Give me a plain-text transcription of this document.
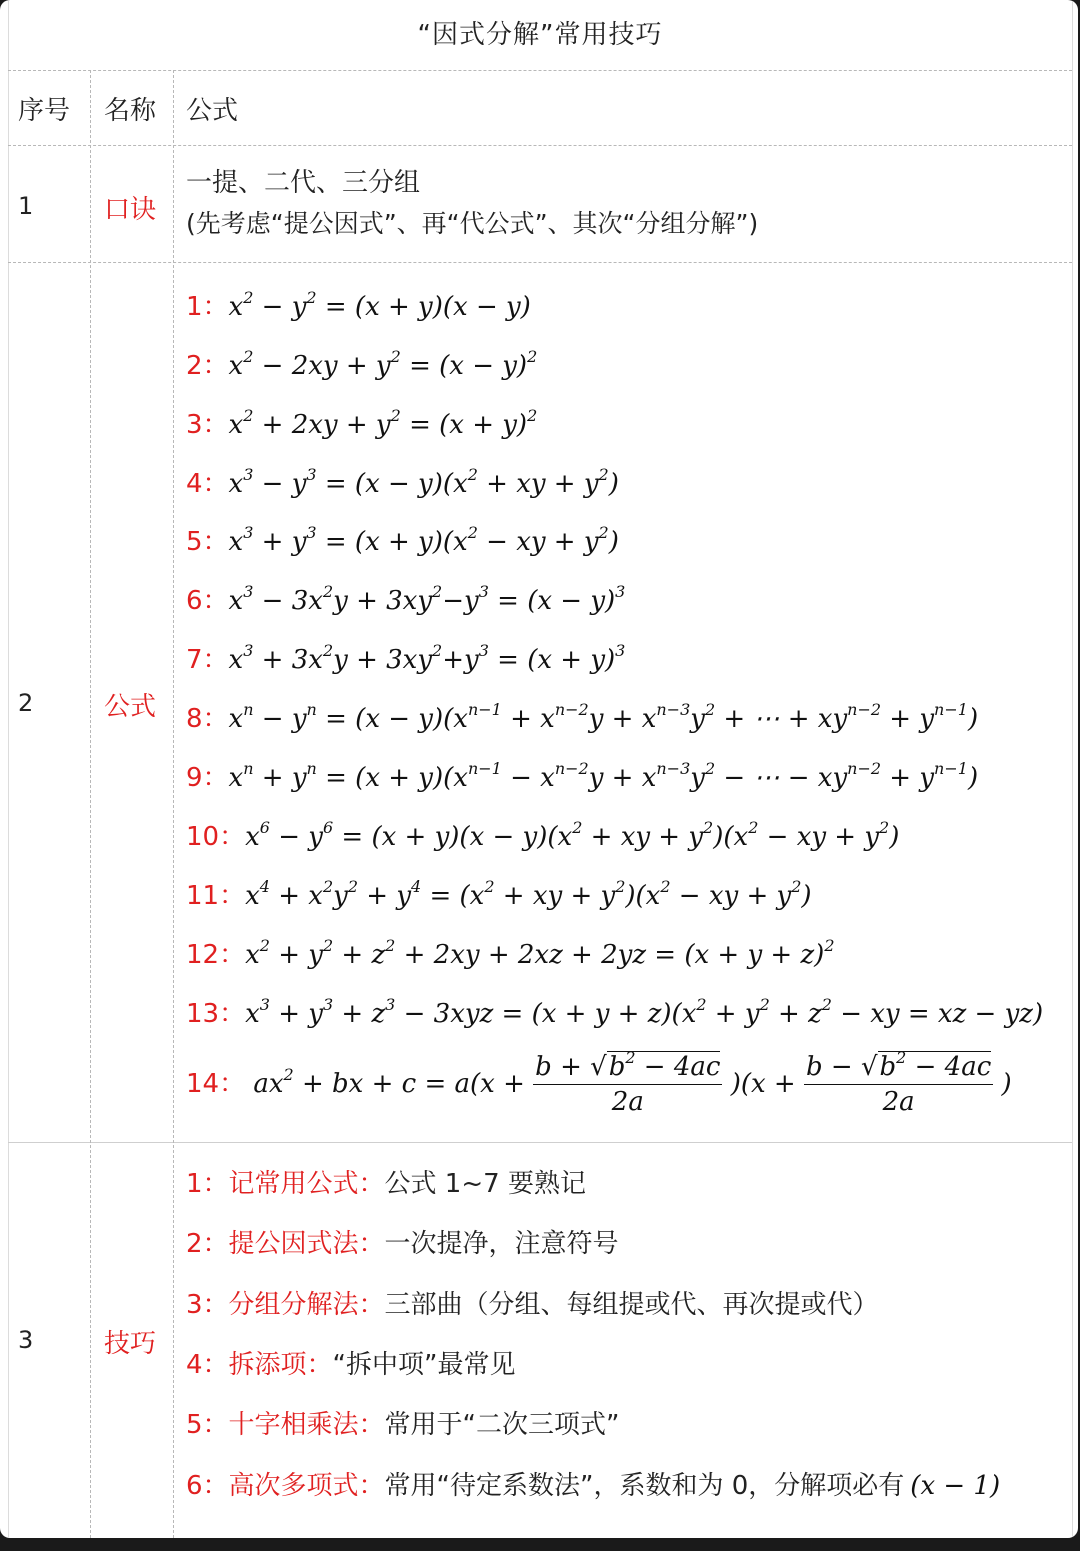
“因式分解”常用技巧
序号 名称 公式
1	口诀
一提、二代、三分组
(先考虑“提公因式”、再“代公式”、其次“分组分解”)
2	公式
1：$x^2 - y^2 = (x + y)(x - y)$
2：$x^2 - 2xy + y^2 = (x - y)^2$
3：$x^2 + 2xy + y^2 = (x + y)^2$
4：$x^3 - y^3 = (x - y)(x^2$ + xy + $y^2$)
5：$x^3 + y^3 = (x + y)(x^2$ − xy + $y^2$)
6：$x^3 - 3x^2y + 3xy^2-y^3 = (x - y)^3$
7：$x^3 + 3x^2y + 3xy^2+y^3 = (x + y)^3$
8：$x^n - y^n = (x - y)(x^{n-1} + x^{n-2}y + x^{n-3}y^2$ + ⋯ + $xy^{n-2} + y^{n-1}$)
9：$x^n + y^n = (x + y)(x^{n-1} - x^{n-2}y + x^{n-3}y^2$ − ⋯ − $xy^{n-2} + y^{n-1}$)
10：$x^6 - y^6 = (x + y)(x - y)(x^2$ + xy + $y^2)(x^2$ − xy + $y^2$)
11：$x^4 + x^2y^2 + y^4 = (x^2$ + xy + $y^2)(x^2$ − xy + $y^2$)
12：$x^2 + y^2 + z^2 + 2xy + 2xz + 2yz = (x + y + z)^2$
13：$x^3 + y^3 + z^3 - 3xyz = (x + y + z)(x^2 + y^2 + z^2$ − xy = xz − yz)
14： $ax^2$ + bx + $c = a(x + \frac{b + √b^2 - 4ac}{2a} )(x + \frac{b - √b^2 - 4ac}{2a}$ )
3	技巧
1：记常用公式：公式 1~7 要熟记
2：提公因式法：一次提净，注意符号
3：分组分解法：三部曲（分组、每组提或代、再次提或代）
4：拆添项：“拆中项”最常见
5：十字相乘法：常用于“二次三项式”
6：高次多项式：常用“待定系数法”，系数和为 0，分解项必有 (x − 1)
